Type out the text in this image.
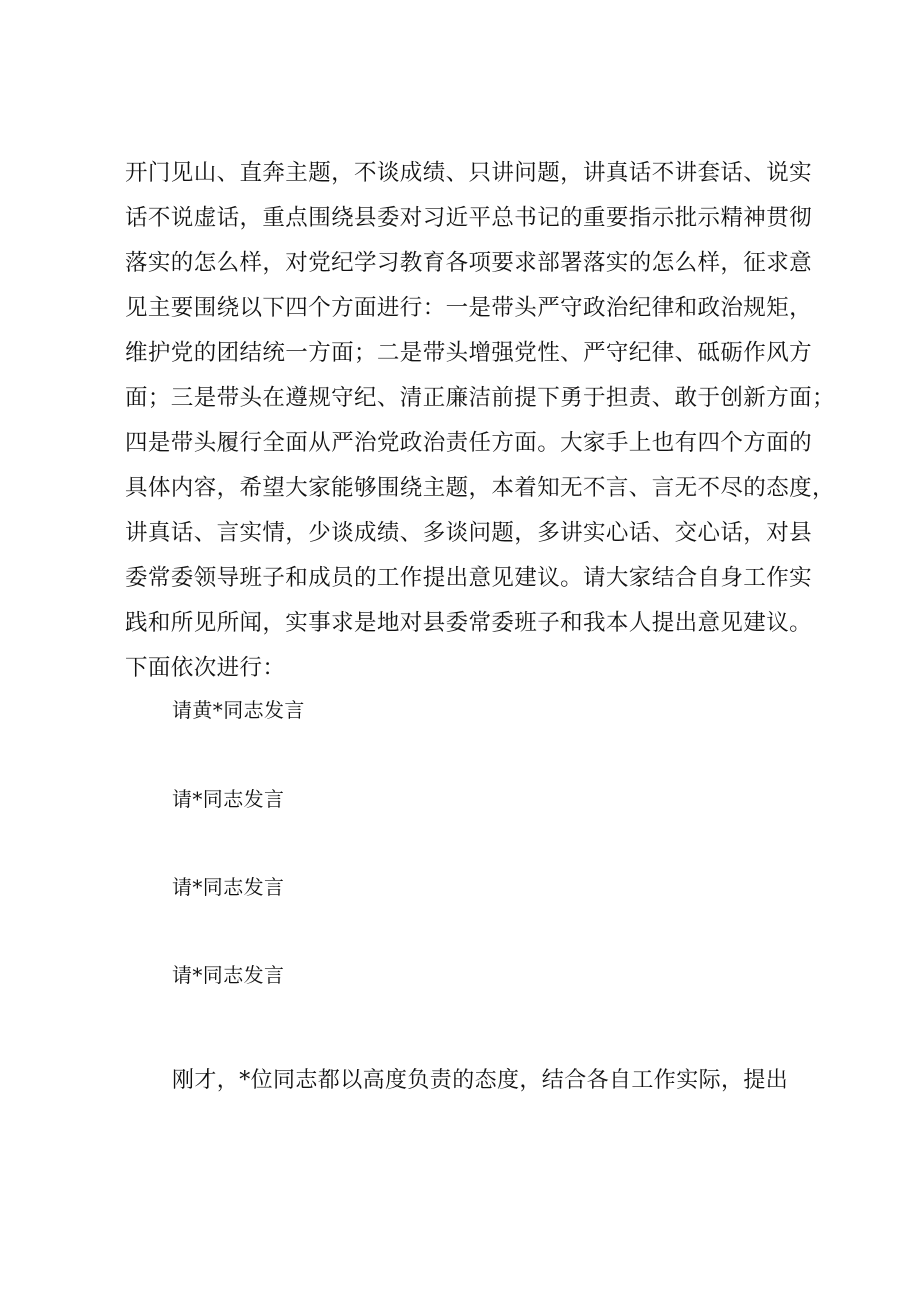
开门见山、直奔主题，不谈成绩、只讲问题，讲真话不讲套话、说实
话不说虚话，重点围绕县委对习近平总书记的重要指示批示精神贯彻
落实的怎么样，对党纪学习教育各项要求部署落实的怎么样，征求意
见主要围绕以下四个方面进行：一是带头严守政治纪律和政治规矩，
维护党的团结统一方面；二是带头增强党性、严守纪律、砥砺作风方
面；三是带头在遵规守纪、清正廉洁前提下勇于担责、敢于创新方面；
四是带头履行全面从严治党政治责任方面。大家手上也有四个方面的
具体内容，希望大家能够围绕主题，本着知无不言、言无不尽的态度，
讲真话、言实情，少谈成绩、多谈问题，多讲实心话、交心话，对县
委常委领导班子和成员的工作提出意见建议。请大家结合自身工作实
践和所见所闻，实事求是地对县委常委班子和我本人提出意见建议。
下面依次进行：
请黄*同志发言
请*同志发言
请*同志发言
请*同志发言
刚才，*位同志都以高度负责的态度，结合各自工作实际，提出
